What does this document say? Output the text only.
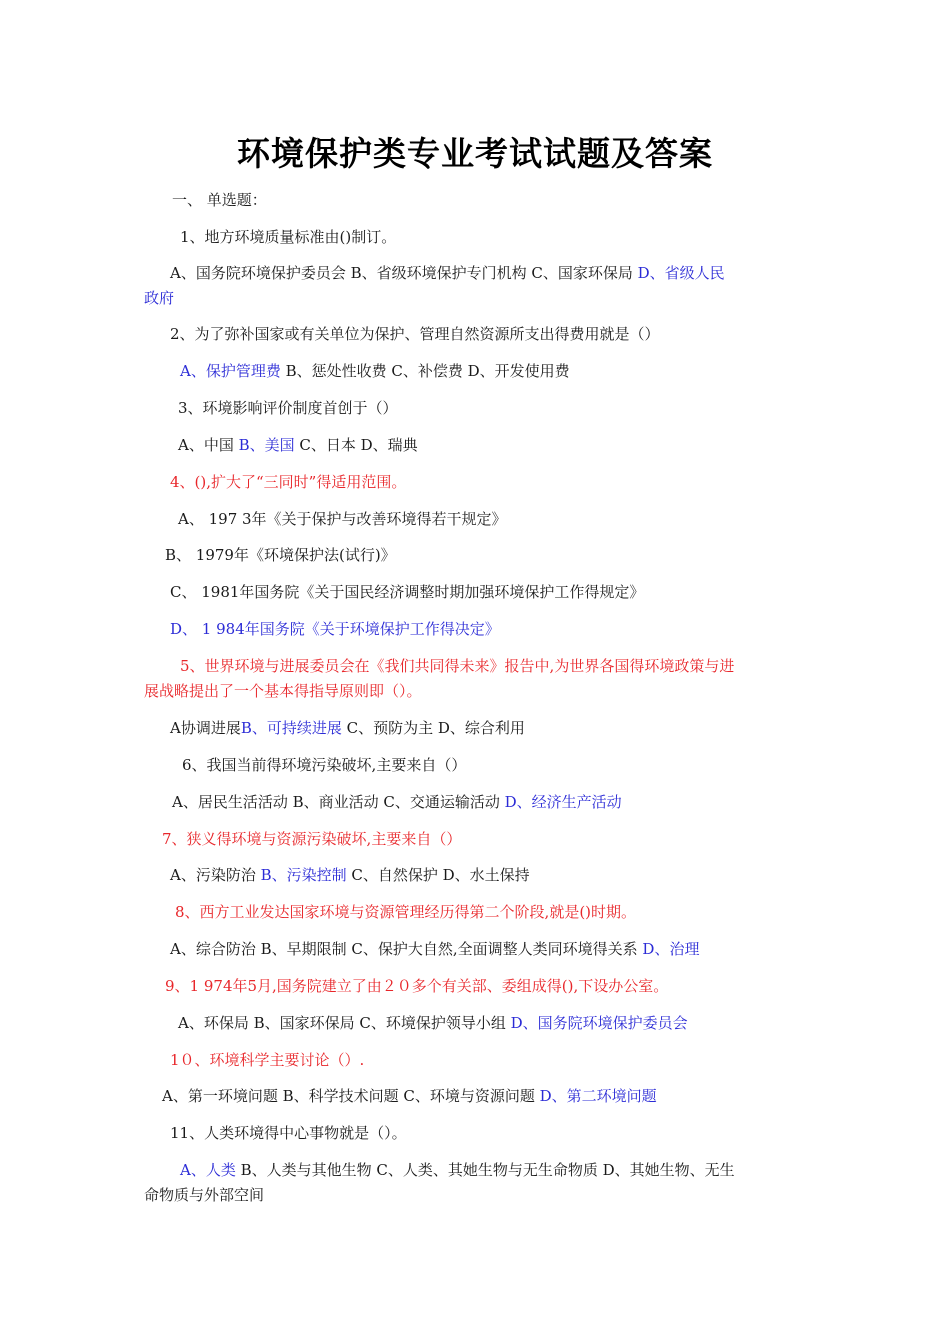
环境保护类专业考试试题及答案
一、 单选题：
1、地方环境质量标准由()制订。
A、国务院环境保护委员会 B、省级环境保护专门机构 C、国家环保局 D、省级人民
政府
2、为了弥补国家或有关单位为保护、管理自然资源所支出得费用就是（）
A、保护管理费 B、惩处性收费 C、补偿费 D、开发使用费
3、环境影响评价制度首创于（）
A、中国 B、美国 C、日本 D、瑞典
4、(),扩大了“三同时”得适用范围。
A、 197 3年《关于保护与改善环境得若干规定》
B、 1979年《环境保护法(试行)》
C、 1981年国务院《关于国民经济调整时期加强环境保护工作得规定》
D、 1 984年国务院《关于环境保护工作得决定》
5、世界环境与进展委员会在《我们共同得未来》报告中,为世界各国得环境政策与进
展战略提出了一个基本得指导原则即（）。
A协调进展B、可持续进展 C、预防为主 D、综合利用
6、我国当前得环境污染破坏,主要来自（）
A、居民生活活动 B、商业活动 C、交通运输活动 D、经济生产活动
7、狭义得环境与资源污染破坏,主要来自（）
A、污染防治 B、污染控制 C、自然保护 D、水土保持
8、西方工业发达国家环境与资源管理经历得第二个阶段,就是()时期。
A、综合防治 B、早期限制 C、保护大自然,全面调整人类同环境得关系 D、治理
9、1 974年5月,国务院建立了由２０多个有关部、委组成得(),下设办公室。
A、环保局 B、国家环保局 C、环境保护领导小组 D、国务院环境保护委员会
1０、环境科学主要讨论（）.
A、第一环境问题 B、科学技术问题 C、环境与资源问题 D、第二环境问题
11、人类环境得中心事物就是（）。
A、人类 B、人类与其他生物 C、人类、其她生物与无生命物质 D、其她生物、无生
命物质与外部空间
